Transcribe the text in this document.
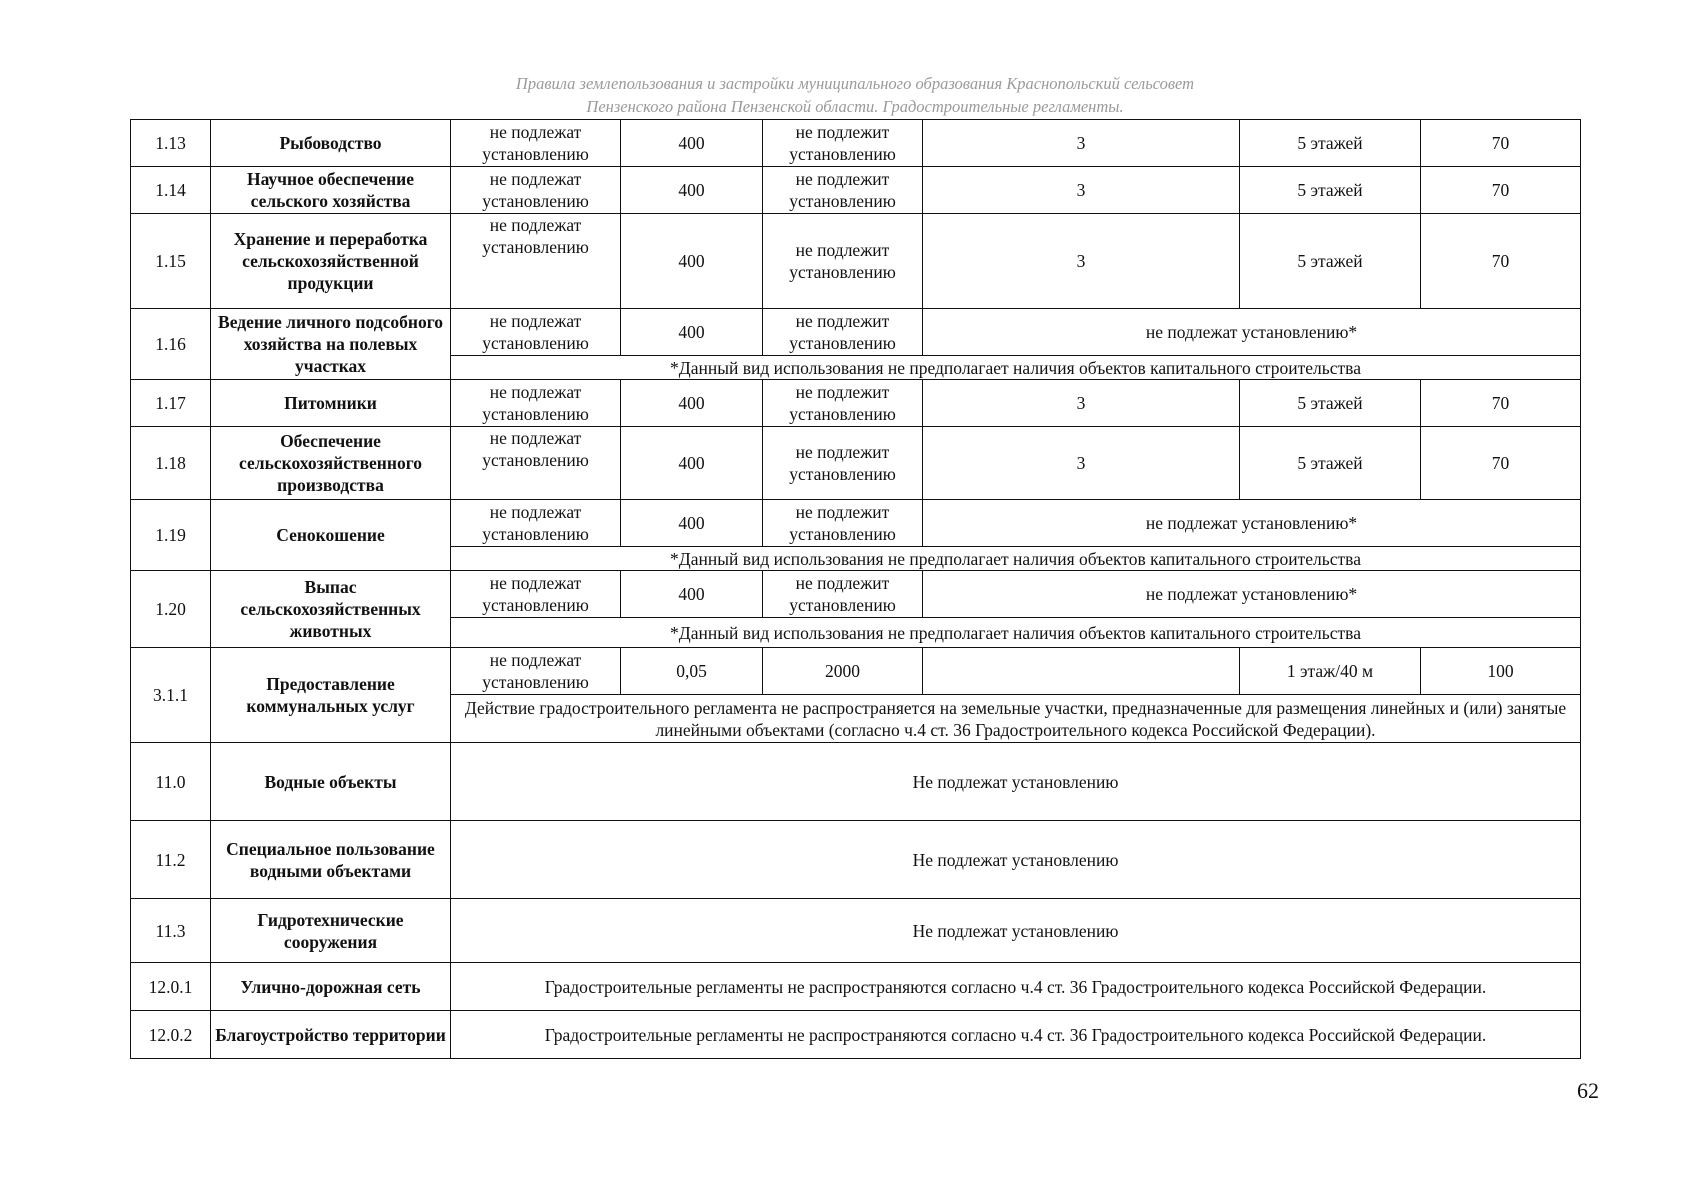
Правила землепользования и застройки муниципального образования Краснопольский сельсовет
Пензенского района Пензенской области. Градостроительные регламенты.
1.13	Рыбоводство	не подлежат установлению	400	не подлежит установлению	3	5 этажей	70
1.14	Научное обеспечение сельского хозяйства	не подлежат установлению	400	не подлежит установлению	3	5 этажей	70
1.15	Хранение и переработка сельскохозяйственной продукции	не подлежат установлению	400	не подлежит установлению	3	5 этажей	70
1.16	Ведение личного подсобного хозяйства на полевых участках	не подлежат установлению	400	не подлежит установлению	не подлежат установлению*		
		*Данный вид использования не предполагает наличия объектов капитального строительства					
1.17	Питомники	не подлежат установлению	400	не подлежит установлению	3	5 этажей	70
1.18	Обеспечение сельскохозяйственного производства	не подлежат установлению	400	не подлежит установлению	3	5 этажей	70
1.19	Сенокошение	не подлежат установлению	400	не подлежит установлению	не подлежат установлению*		
		*Данный вид использования не предполагает наличия объектов капитального строительства					
1.20	Выпас сельскохозяйственных животных	не подлежат установлению	400	не подлежит установлению	не подлежат установлению*		
		*Данный вид использования не предполагает наличия объектов капитального строительства					
3.1.1	Предоставление коммунальных услуг	не подлежат установлению	0,05	2000		1 этаж/40 м	100
		Действие градостроительного регламента не распространяется на земельные участки, предназначенные для размещения линейных и (или) занятые линейными объектами (согласно ч.4 ст. 36 Градостроительного кодекса Российской Федерации).					
11.0	Водные объекты	Не подлежат установлению					
11.2	Специальное пользование водными объектами	Не подлежат установлению					
11.3	Гидротехнические сооружения	Не подлежат установлению					
12.0.1	Улично-дорожная сеть	Градостроительные регламенты не распространяются согласно ч.4 ст. 36 Градостроительного кодекса Российской Федерации.					
12.0.2	Благоустройство территории	Градостроительные регламенты не распространяются согласно ч.4 ст. 36 Градостроительного кодекса Российской Федерации.					
62
